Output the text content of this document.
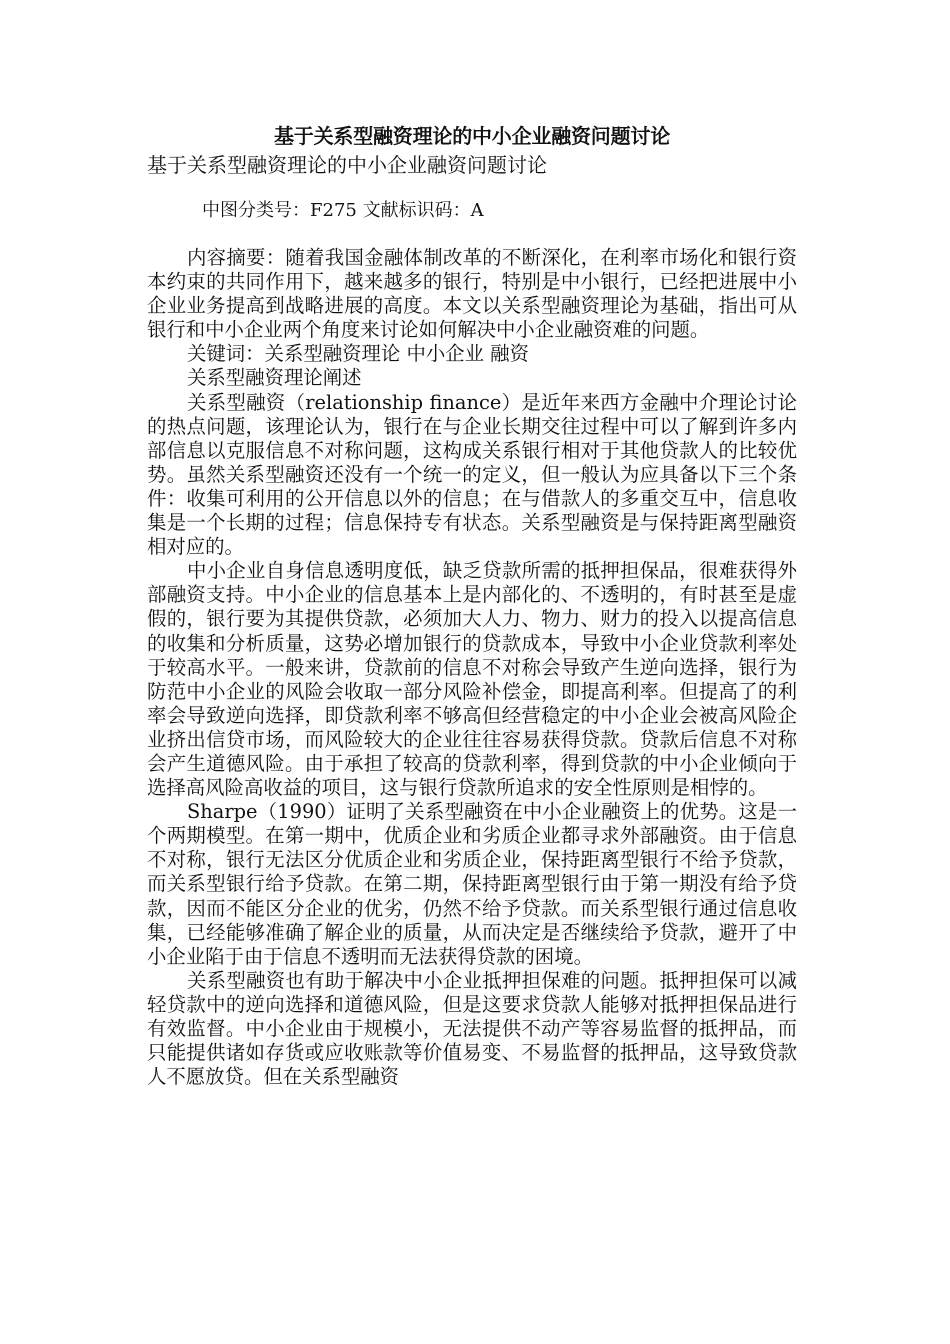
基于关系型融资理论的中小企业融资问题讨论

基于关系型融资理论的中小企业融资问题讨论

中图分类号：F275 文献标识码：A

内容摘要：随着我国金融体制改革的不断深化，在利率市场化和银行资本约束的共同作用下，越来越多的银行，特别是中小银行，已经把进展中小企业业务提高到战略进展的高度。本文以关系型融资理论为基础，指出可从银行和中小企业两个角度来讨论如何解决中小企业融资难的问题。

关键词：关系型融资理论 中小企业 融资

关系型融资理论阐述

关系型融资（relationship finance）是近年来西方金融中介理论讨论的热点问题，该理论认为，银行在与企业长期交往过程中可以了解到许多内部信息以克服信息不对称问题，这构成关系银行相对于其他贷款人的比较优势。虽然关系型融资还没有一个统一的定义，但一般认为应具备以下三个条件：收集可利用的公开信息以外的信息；在与借款人的多重交互中，信息收集是一个长期的过程；信息保持专有状态。关系型融资是与保持距离型融资相对应的。

中小企业自身信息透明度低，缺乏贷款所需的抵押担保品，很难获得外部融资支持。中小企业的信息基本上是内部化的、不透明的，有时甚至是虚假的，银行要为其提供贷款，必须加大人力、物力、财力的投入以提高信息的收集和分析质量，这势必增加银行的贷款成本，导致中小企业贷款利率处于较高水平。一般来讲，贷款前的信息不对称会导致产生逆向选择，银行为防范中小企业的风险会收取一部分风险补偿金，即提高利率。但提高了的利率会导致逆向选择，即贷款利率不够高但经营稳定的中小企业会被高风险企业挤出信贷市场，而风险较大的企业往往容易获得贷款。贷款后信息不对称会产生道德风险。由于承担了较高的贷款利率，得到贷款的中小企业倾向于选择高风险高收益的项目，这与银行贷款所追求的安全性原则是相悖的。

Sharpe（1990）证明了关系型融资在中小企业融资上的优势。这是一个两期模型。在第一期中，优质企业和劣质企业都寻求外部融资。由于信息不对称，银行无法区分优质企业和劣质企业，保持距离型银行不给予贷款，而关系型银行给予贷款。在第二期，保持距离型银行由于第一期没有给予贷款，因而不能区分企业的优劣，仍然不给予贷款。而关系型银行通过信息收集，已经能够准确了解企业的质量，从而决定是否继续给予贷款，避开了中小企业陷于由于信息不透明而无法获得贷款的困境。

关系型融资也有助于解决中小企业抵押担保难的问题。抵押担保可以减轻贷款中的逆向选择和道德风险，但是这要求贷款人能够对抵押担保品进行有效监督。中小企业由于规模小，无法提供不动产等容易监督的抵押品，而只能提供诸如存货或应收账款等价值易变、不易监督的抵押品，这导致贷款人不愿放贷。但在关系型融资
